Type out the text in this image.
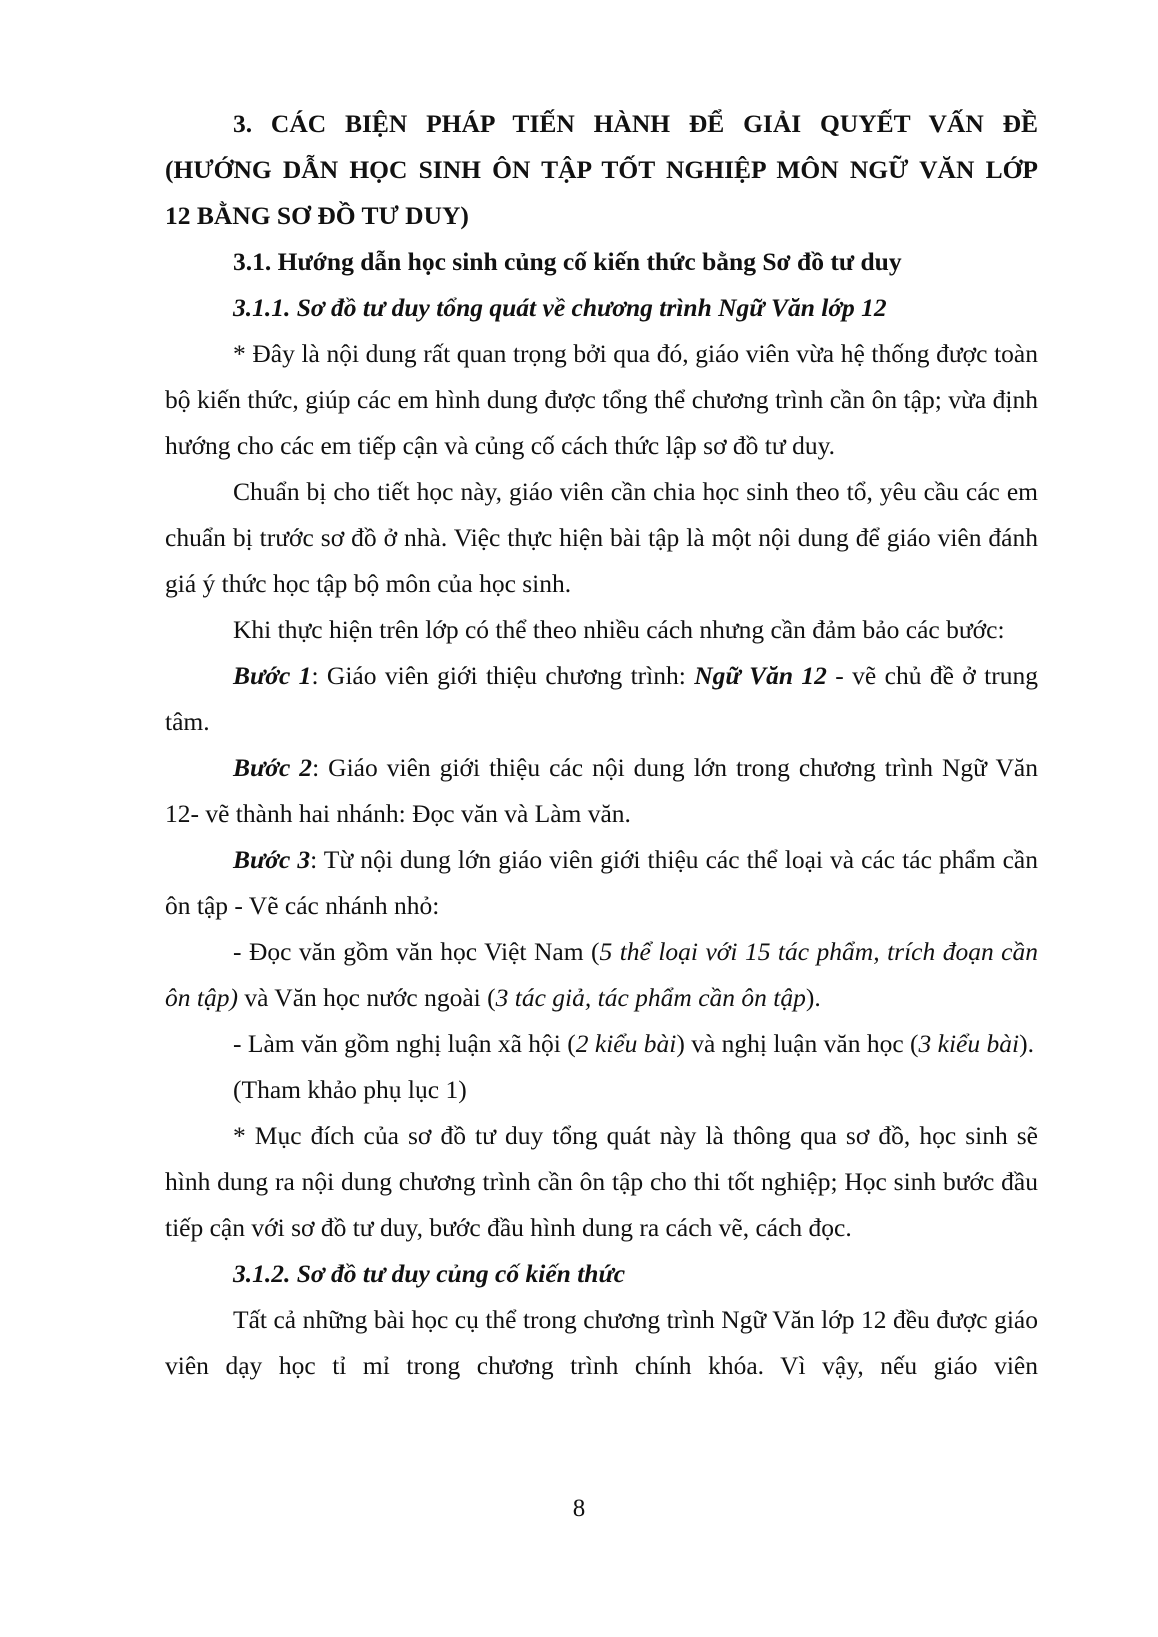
3. CÁC BIỆN PHÁP TIẾN HÀNH ĐỂ GIẢI QUYẾT VẤN ĐỀ

(HƯỚNG DẪN HỌC SINH ÔN TẬP TỐT NGHIỆP MÔN NGỮ VĂN LỚP

12 BẰNG SƠ ĐỒ TƯ DUY)

3.1. Hướng dẫn học sinh củng cố kiến thức bằng Sơ đồ tư duy

3.1.1. Sơ đồ tư duy tổng quát về chương trình Ngữ Văn lớp 12

* Đây là nội dung rất quan trọng bởi qua đó, giáo viên vừa hệ thống được toàn bộ kiến thức, giúp các em hình dung được tổng thể chương trình cần ôn tập; vừa định hướng cho các em tiếp cận và củng cố cách thức lập sơ đồ tư duy.

Chuẩn bị cho tiết học này, giáo viên cần chia học sinh theo tổ, yêu cầu các em chuẩn bị trước sơ đồ ở nhà. Việc thực hiện bài tập là một nội dung để giáo viên đánh giá ý thức học tập bộ môn của học sinh.

Khi thực hiện trên lớp có thể theo nhiều cách nhưng cần đảm bảo các bước:

Bước 1: Giáo viên giới thiệu chương trình: Ngữ Văn 12 - vẽ chủ đề ở trung tâm.

Bước 2: Giáo viên giới thiệu các nội dung lớn trong chương trình Ngữ Văn 12- vẽ thành hai nhánh: Đọc văn và Làm văn.

Bước 3: Từ nội dung lớn giáo viên giới thiệu các thể loại và các tác phẩm cần ôn tập - Vẽ các nhánh nhỏ:

- Đọc văn gồm văn học Việt Nam (5 thể loại với 15 tác phẩm, trích đoạn cần ôn tập) và Văn học nước ngoài (3 tác giả, tác phẩm cần ôn tập).

- Làm văn gồm nghị luận xã hội (2 kiểu bài) và nghị luận văn học (3 kiểu bài).

(Tham khảo phụ lục 1)

* Mục đích của sơ đồ tư duy tổng quát này là thông qua sơ đồ, học sinh sẽ hình dung ra nội dung chương trình cần ôn tập cho thi tốt nghiệp; Học sinh bước đầu tiếp cận với sơ đồ tư duy, bước đầu hình dung ra cách vẽ, cách đọc.

3.1.2. Sơ đồ tư duy củng cố kiến thức

Tất cả những bài học cụ thể trong chương trình Ngữ Văn lớp 12 đều được giáo viên dạy học tỉ mỉ trong chương trình chính khóa. Vì vậy, nếu giáo viên

8
